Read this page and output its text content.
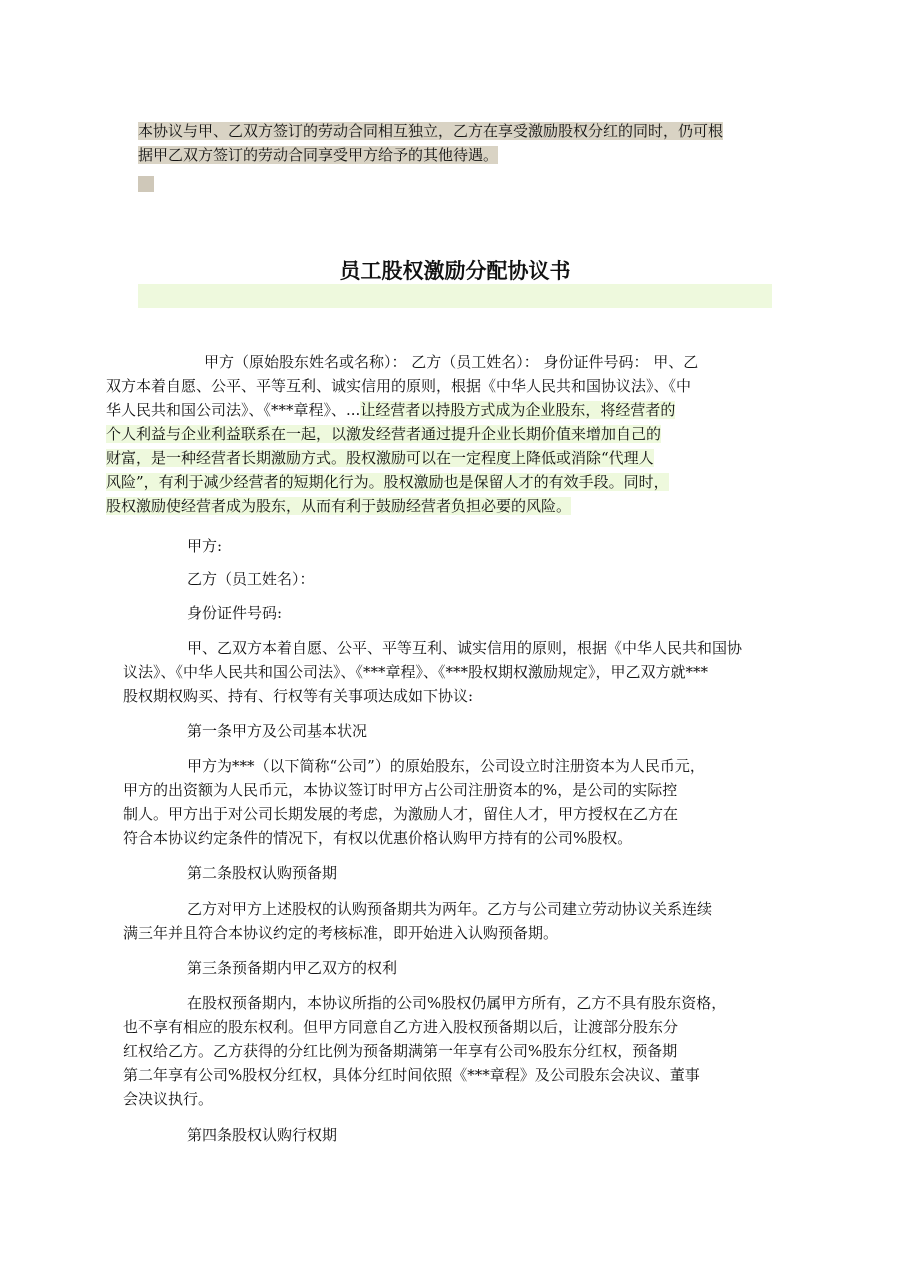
本协议与甲、乙双方签订的劳动合同相互独立，乙方在享受激励股权分红的同时，仍可根
据甲乙双方签订的劳动合同享受甲方给予的其他待遇。
员工股权激励分配协议书
甲方（原始股东姓名或名称）： 乙方（员工姓名）： 身份证件号码： 甲、乙
双方本着自愿、公平、平等互利、诚实信用的原则，根据《中华人民共和国协议法》、《中
华人民共和国公司法》、《***章程》、...让经营者以持股方式成为企业股东，将经营者的
个人利益与企业利益联系在一起，以激发经营者通过提升企业长期价值来增加自己的
财富，是一种经营者长期激励方式。股权激励可以在一定程度上降低或消除“代理人
风险”，有利于减少经营者的短期化行为。股权激励也是保留人才的有效手段。同时，
股权激励使经营者成为股东，从而有利于鼓励经营者负担必要的风险。
甲方:
乙方（员工姓名）：
身份证件号码:
甲、乙双方本着自愿、公平、平等互利、诚实信用的原则，根据《中华人民共和国协
议法》、《中华人民共和国公司法》、《***章程》、《***股权期权激励规定》，甲乙双方就***
股权期权购买、持有、行权等有关事项达成如下协议:
第一条甲方及公司基本状况
甲方为***（以下简称“公司”）的原始股东，公司设立时注册资本为人民币元，
甲方的出资额为人民币元，本协议签订时甲方占公司注册资本的%，是公司的实际控
制人。甲方出于对公司长期发展的考虑，为激励人才，留住人才，甲方授权在乙方在
符合本协议约定条件的情况下，有权以优惠价格认购甲方持有的公司%股权。
第二条股权认购预备期
乙方对甲方上述股权的认购预备期共为两年。乙方与公司建立劳动协议关系连续
满三年并且符合本协议约定的考核标准，即开始进入认购预备期。
第三条预备期内甲乙双方的权利
在股权预备期内，本协议所指的公司%股权仍属甲方所有，乙方不具有股东资格，
也不享有相应的股东权利。但甲方同意自乙方进入股权预备期以后，让渡部分股东分
红权给乙方。乙方获得的分红比例为预备期满第一年享有公司%股东分红权，预备期
第二年享有公司%股权分红权，具体分红时间依照《***章程》及公司股东会决议、董事
会决议执行。
第四条股权认购行权期
